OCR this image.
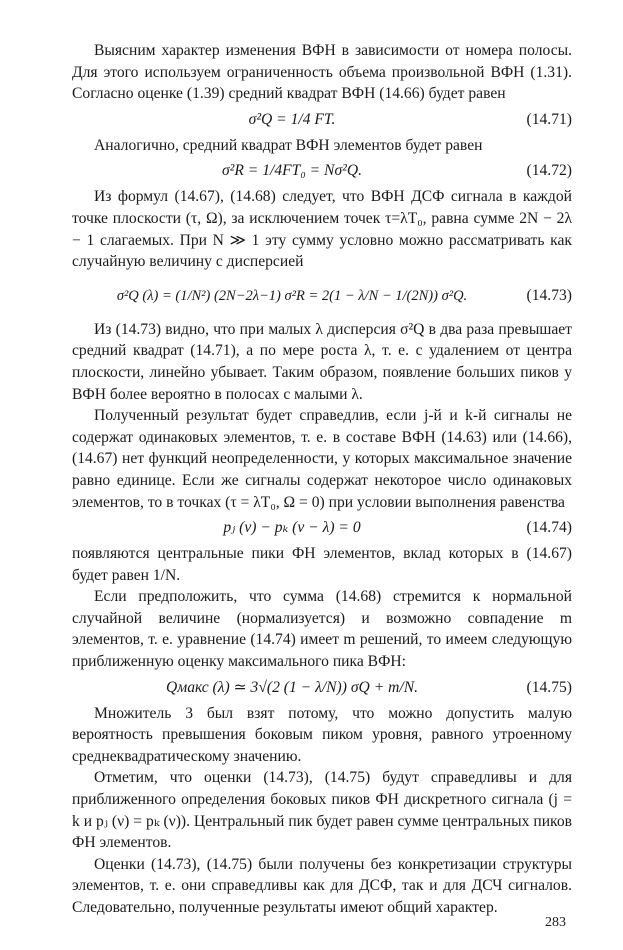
Выясним характер изменения ВФН в зависимости от номера полосы. Для этого используем ограниченность объема произвольной ВФН (1.31). Согласно оценке (1.39) средний квадрат ВФН (14.66) будет равен

σ²Q = 1/4 FT.	(14.71)

Аналогично, средний квадрат ВФН элементов будет равен

σ²R = 1/4FT₀ = Nσ²Q.	(14.72)

Из формул (14.67), (14.68) следует, что ВФН ДСФ сигнала в каждой точке плоскости (τ, Ω), за исключением точек τ=λT₀, равна сумме 2N − 2λ − 1 слагаемых. При N ≫ 1 эту сумму условно можно рассматривать как случайную величину с дисперсией

σ²Q (λ) = (1/N²) (2N−2λ−1) σ²R = 2(1 − λ/N − 1/(2N)) σ²Q.	(14.73)

Из (14.73) видно, что при малых λ дисперсия σ²Q в два раза превышает средний квадрат (14.71), а по мере роста λ, т. е. с удалением от центра плоскости, линейно убывает. Таким образом, появление больших пиков у ВФН более вероятно в полосах с малыми λ.

Полученный результат будет справедлив, если j-й и k-й сигналы не содержат одинаковых элементов, т. е. в составе ВФН (14.63) или (14.66), (14.67) нет функций неопределенности, у которых максимальное значение равно единице. Если же сигналы содержат некоторое число одинаковых элементов, то в точках (τ = λT₀, Ω = 0) при условии выполнения равенства

pⱼ (ν) − pₖ (ν − λ) = 0	(14.74)

появляются центральные пики ФН элементов, вклад которых в (14.67) будет равен 1/N.

Если предположить, что сумма (14.68) стремится к нормальной случайной величине (нормализуется) и возможно совпадение m элементов, т. е. уравнение (14.74) имеет m решений, то имеем следующую приближенную оценку максимального пика ВФН:

Qмакс (λ) ≃ 3√(2 (1 − λ/N)) σQ + m/N.	(14.75)

Множитель 3 был взят потому, что можно допустить малую вероятность превышения боковым пиком уровня, равного утроенному среднеквадратическому значению.

Отметим, что оценки (14.73), (14.75) будут справедливы и для приближенного определения боковых пиков ФН дискретного сигнала (j = k и pⱼ (ν) = pₖ (ν)). Центральный пик будет равен сумме центральных пиков ФН элементов.

Оценки (14.73), (14.75) были получены без конкретизации структуры элементов, т. е. они справедливы как для ДСФ, так и для ДСЧ сигналов. Следовательно, полученные результаты имеют общий характер.

283
